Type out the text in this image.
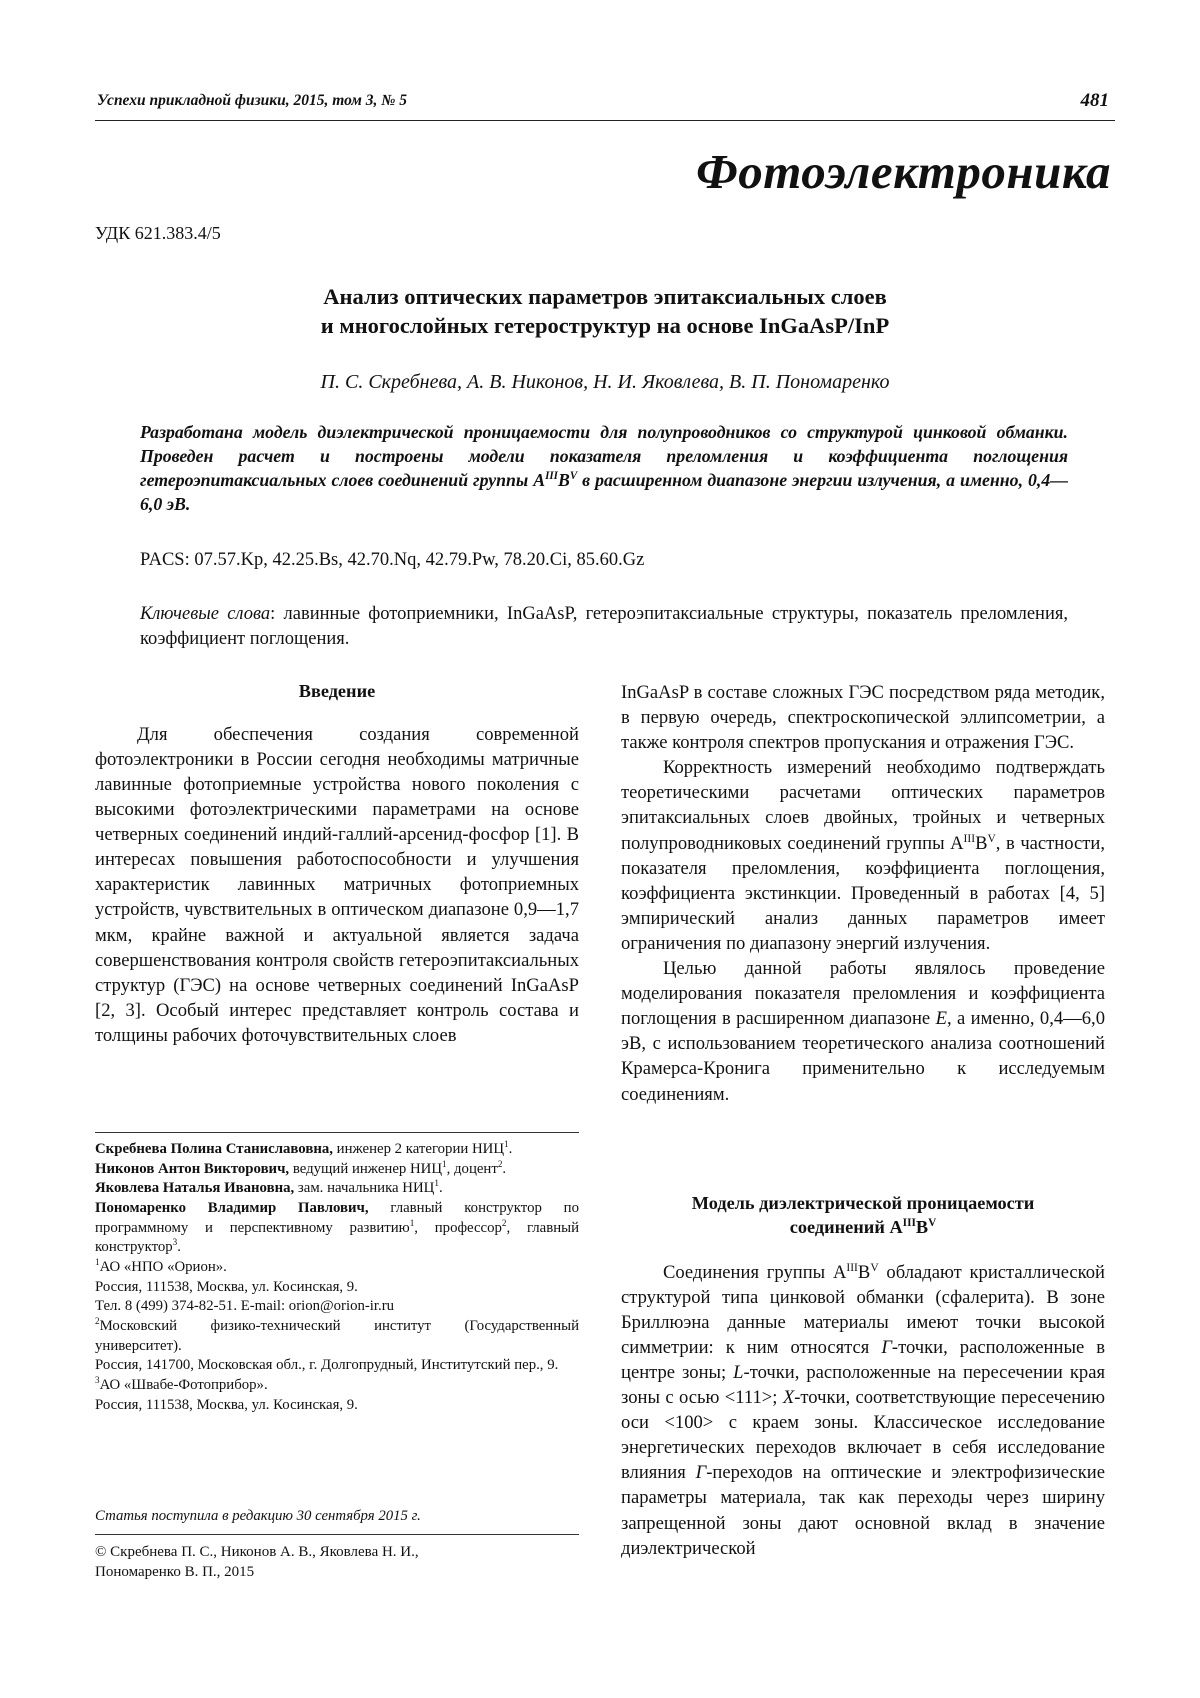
Успехи прикладной физики, 2015, том 3, № 5	481
Фотоэлектроника
УДК 621.383.4/5
Анализ оптических параметров эпитаксиальных слоев
и многослойных гетероструктур на основе InGaAsP/InP
П. С. Скребнева, А. В. Никонов, Н. И. Яковлева, В. П. Пономаренко
Разработана модель диэлектрической проницаемости для полупроводников со структурой цинковой обманки. Проведен расчет и построены модели показателя преломления и коэффициента поглощения гетероэпитаксиальных слоев соединений группы $A^{III}B^V$ в расширенном диапазоне энергии излучения, а именно, 0,4—6,0 эВ.
PACS: 07.57.Kp, 42.25.Bs, 42.70.Nq, 42.79.Pw, 78.20.Ci, 85.60.Gz
Ключевые слова: лавинные фотоприемники, InGaAsP, гетероэпитаксиальные структуры, показатель преломления, коэффициент поглощения.
Введение

Для обеспечения создания современной фотоэлектроники в России сегодня необходимы матричные лавинные фотоприемные устройства нового поколения с высокими фотоэлектрическими параметрами на основе четверных соединений индий-галлий-арсенид-фосфор [1]. В интересах повышения работоспособности и улучшения характеристик лавинных матричных фотоприемных устройств, чувствительных в оптическом диапазоне 0,9—1,7 мкм, крайне важной и актуальной является задача совершенствования контроля свойств гетероэпитаксиальных структур (ГЭС) на основе четверных соединений InGaAsP [2, 3]. Особый интерес представляет контроль состава и толщины рабочих фоточувствительных слоев

InGaAsP в составе сложных ГЭС посредством ряда методик, в первую очередь, спектроскопической эллипсометрии, а также контроля спектров пропускания и отражения ГЭС.

Корректность измерений необходимо подтверждать теоретическими расчетами оптических параметров эпитаксиальных слоев двойных, тройных и четверных полупроводниковых соединений группы $A^{III}B^V$, в частности, показателя преломления, коэффициента поглощения, коэффициента экстинкции. Проведенный в работах [4, 5] эмпирический анализ данных параметров имеет ограничения по диапазону энергий излучения.

Целью данной работы являлось проведение моделирования показателя преломления и коэффициента поглощения в расширенном диапазоне E, а именно, 0,4—6,0 эВ, с использованием теоретического анализа соотношений Крамерса-Кронига применительно к исследуемым соединениям.

Модель диэлектрической проницаемости
соединений $A^{III}B^V$

Соединения группы $A^{III}B^V$ обладают кристаллической структурой типа цинковой обманки (сфалерита). В зоне Бриллюэна данные материалы имеют точки высокой симметрии: к ним относятся Γ-точки, расположенные в центре зоны; L-точки, расположенные на пересечении края зоны с осью <111>; X-точки, соответствующие пересечению оси <100> с краем зоны. Классическое исследование энергетических переходов включает в себя исследование влияния Γ-переходов на оптические и электрофизические параметры материала, так как переходы через ширину запрещенной зоны дают основной вклад в значение диэлектрической

Скребнева Полина Станиславовна, инженер 2 категории НИЦ$^1$.

Никонов Антон Викторович, ведущий инженер НИЦ$^1$, доцент$^2$.

Яковлева Наталья Ивановна, зам. начальника НИЦ$^1$.

Пономаренко Владимир Павлович, главный конструктор по программному и перспективному развитию$^1$, профессор$^2$, главный конструктор$^3$.

$^1$АО «НПО «Орион».

Россия, 111538, Москва, ул. Косинская, 9.

Тел. 8 (499) 374-82-51. E-mail: orion@orion-ir.ru

$^2$Московский физико-технический институт (Государственный университет).

Россия, 141700, Московская обл., г. Долгопрудный, Институтский пер., 9.

$^3$АО «Швабе-Фотоприбор».

Россия, 111538, Москва, ул. Косинская, 9.

Статья поступила в редакцию 30 сентября 2015 г.
© Скребнева П. С., Никонов А. В., Яковлева Н. И.,
Пономаренко В. П., 2015
